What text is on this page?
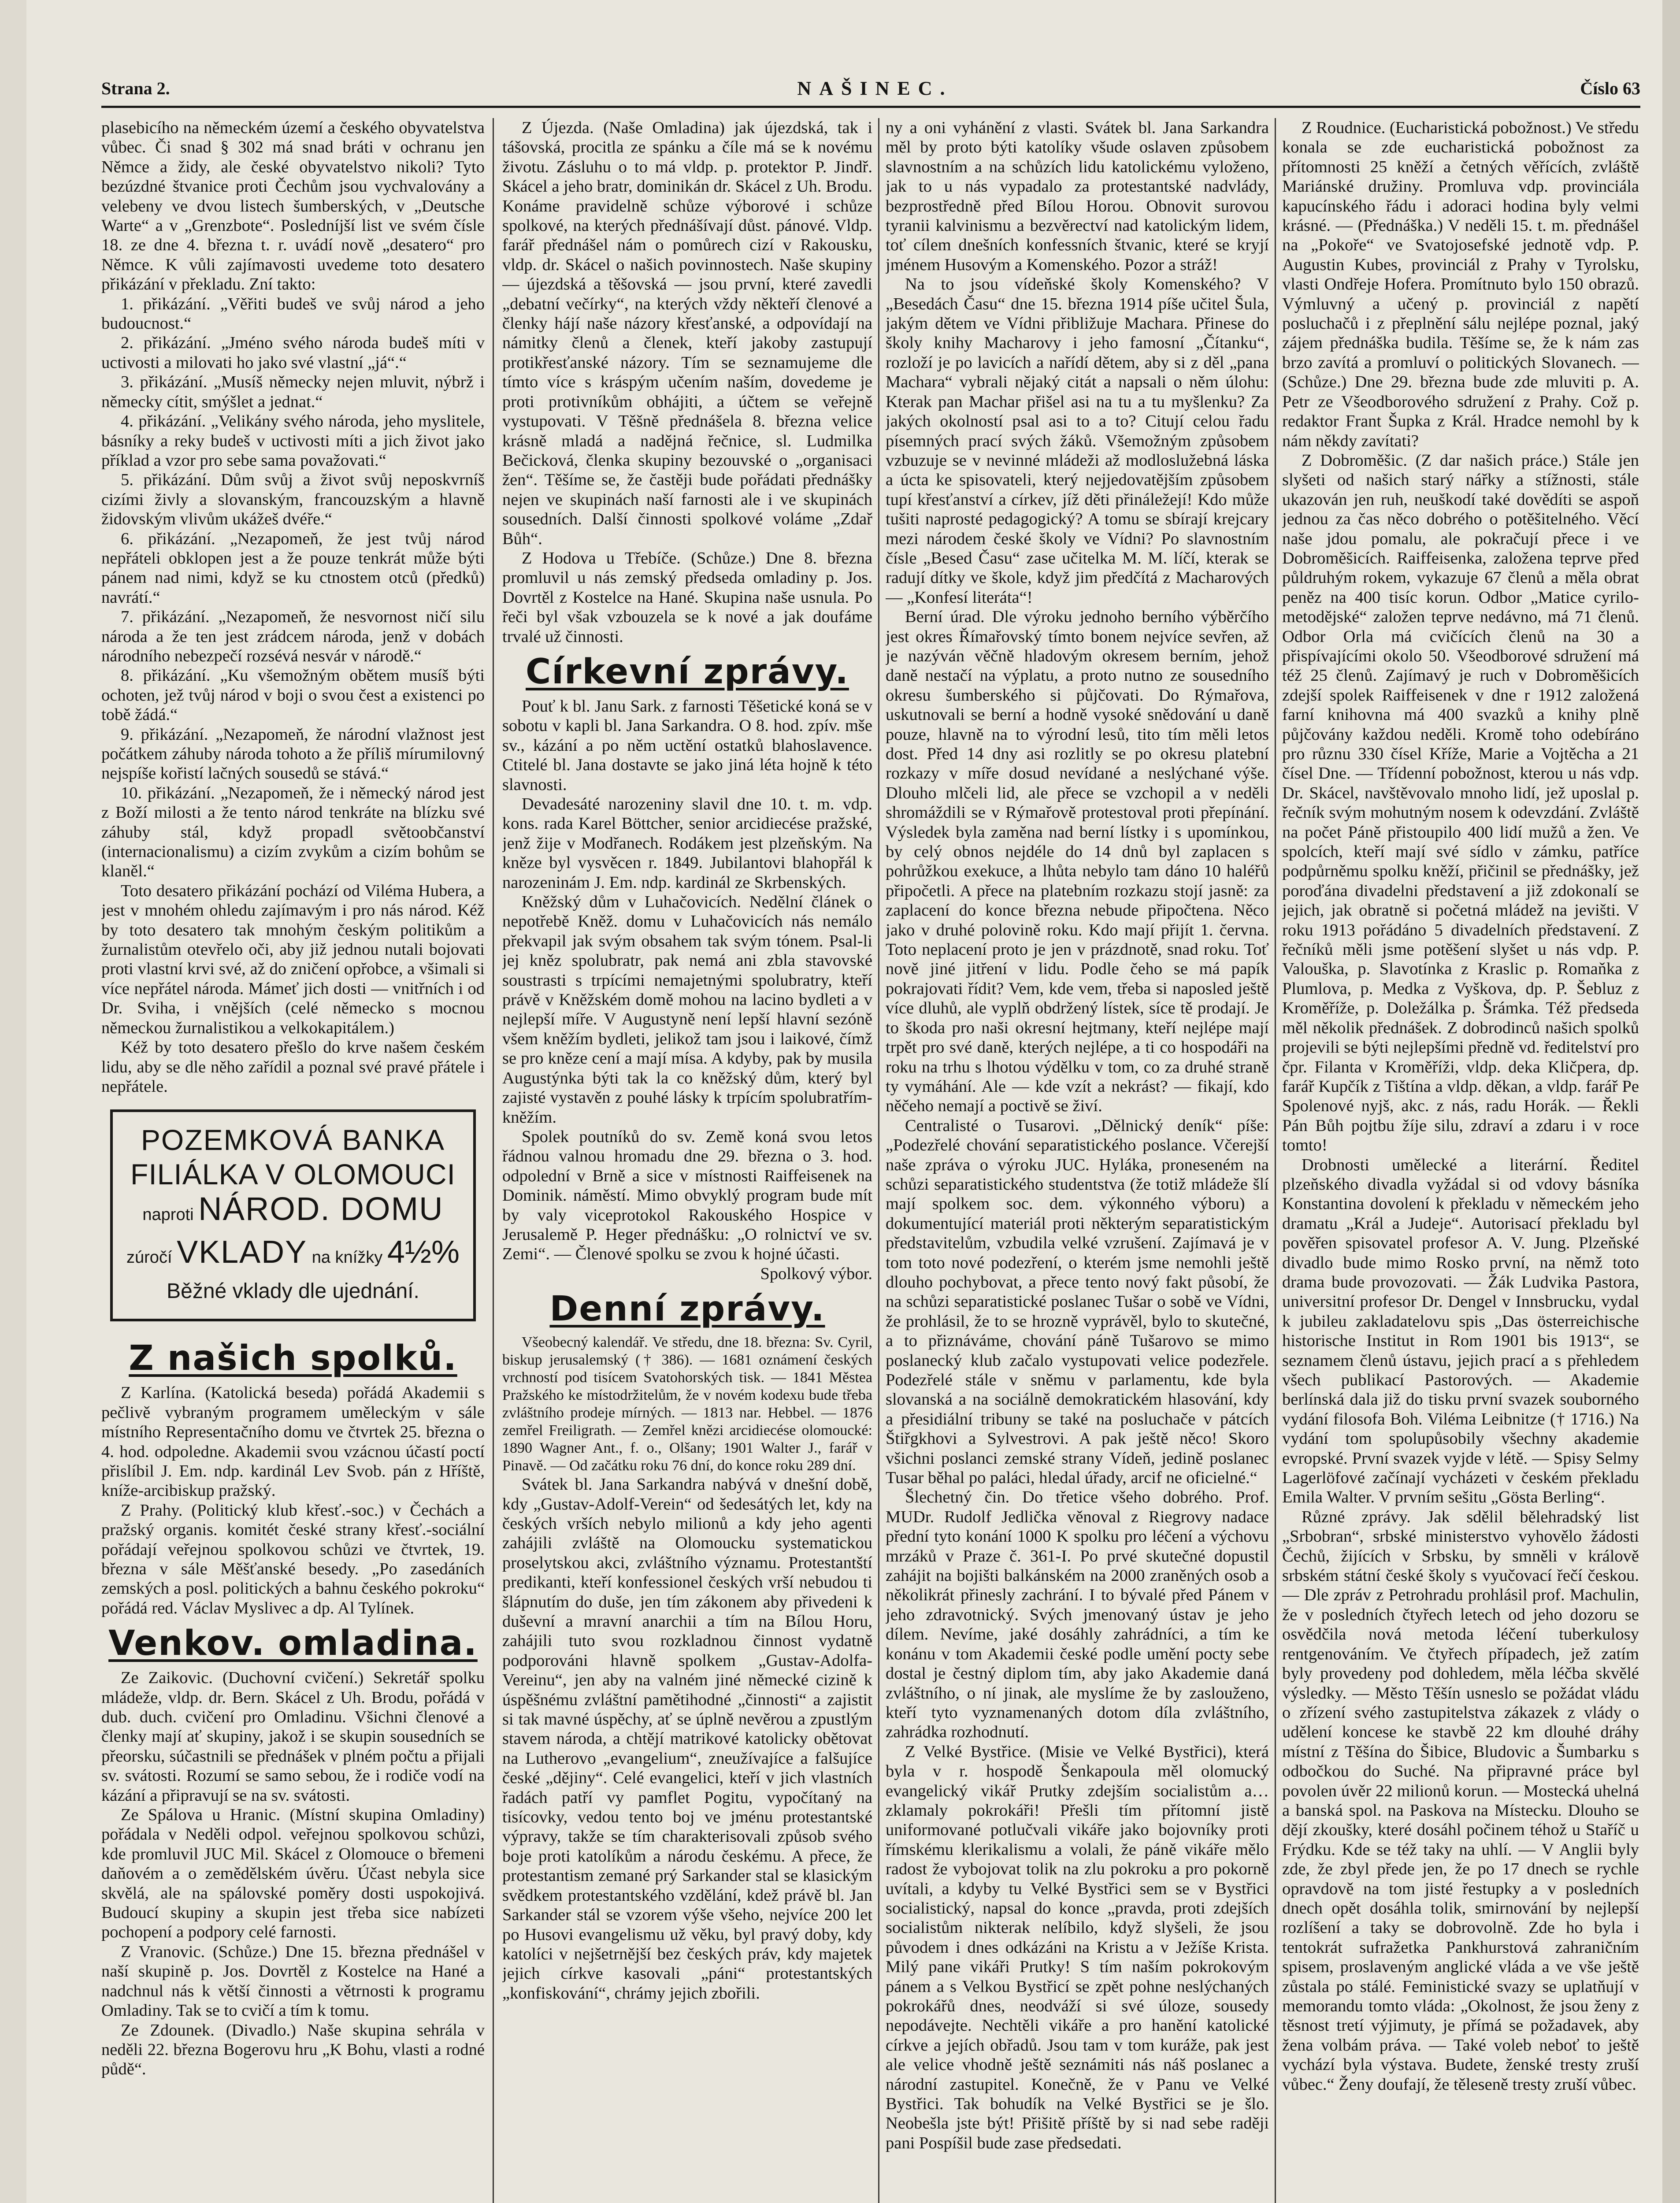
Strana 2.	NAŠINEC.	Číslo 63

plasebicího na německém území a českého obyvatelstva vůbec. Či snad § 302 má snad bráti v ochranu jen Němce a židy, ale české obyvatelstvo nikoli? Tyto bezúzdné štvanice proti Čechům jsou vychvalovány a velebeny ve dvou listech šumberských, v „Deutsche Warte“ a v „Grenzbote“. Posledníjší list ve svém čísle 18. ze dne 4. března t. r. uvádí nově „desatero“ pro Němce. K vůli zajímavosti uvedeme toto desatero přikázání v překladu. Zní takto:

1. přikázání. „Věřiti budeš ve svůj národ a jeho budoucnost.“

2. přikázání. „Jméno svého národa budeš míti v uctivosti a milovati ho jako své vlastní „já“.“

3. přikázání. „Musíš německy nejen mluvit, nýbrž i německy cítit, smýšlet a jednat.“

4. přikázání. „Velikány svého národa, jeho myslitele, básníky a reky budeš v uctivosti míti a jich život jako příklad a vzor pro sebe sama považovati.“

5. přikázání. Dům svůj a život svůj neposkvrníš cizími živly a slovanským, francouzským a hlavně židovským vlivům ukážeš dvéře.“

6. přikázání. „Nezapomeň, že jest tvůj národ nepřáteli obklopen jest a že pouze tenkrát může býti pánem nad nimi, když se ku ctnostem otců (předků) navrátí.“

7. přikázání. „Nezapomeň, že nesvornost ničí silu národa a že ten jest zrádcem národa, jenž v dobách národního nebezpečí rozsévá nesvár v národě.“

8. přikázání. „Ku všemožným obětem musíš býti ochoten, jež tvůj národ v boji o svou čest a existenci po tobě žádá.“

9. přikázání. „Nezapomeň, že národní vlažnost jest počátkem záhuby národa tohoto a že příliš mírumilovný nejspíše kořistí lačných sousedů se stává.“

10. přikázání. „Nezapomeň, že i německý národ jest z Boží milosti a že tento národ tenkráte na blízku své záhuby stál, když propadl světoobčanství (internacionalismu) a cizím zvykům a cizím bohům se klaněl.“

Toto desatero přikázání pochází od Viléma Hubera, a jest v mnohém ohledu zajímavým i pro nás národ. Kéž by toto desatero tak mnohým českým politikům a žurnalistům otevřelo oči, aby již jednou nutali bojovati proti vlastní krvi své, až do zničení opřobce, a všimali si více nepřátel národa. Mámeť jich dosti — vnitřních i od Dr. Sviha, i vnějších (celé německo s mocnou německou žurnalistikou a velkokapitálem.)

Kéž by toto desatero přešlo do krve našem českém lidu, aby se dle něho zařídil a poznal své pravé přátele i nepřátele.

POZEMKOVÁ BANKA
FILIÁLKA V OLOMOUCI
naproti NÁROD. DOMU
zúročí VKLADY na knížky 4½%
Běžné vklady dle ujednání.
Z našich spolků.

Z Karlína. (Katolická beseda) pořádá Akademii s pečlivě vybraným programem uměleckým v sále místního Representačního domu ve čtvrtek 25. března o 4. hod. odpoledne. Akademii svou vzácnou účastí poctí přislíbil J. Em. ndp. kardinál Lev Svob. pán z Hříště, kníže-arcibiskup pražský.

Z Prahy. (Politický klub křesť.-soc.) v Čechách a pražský organis. komitét české strany křesť.-sociální pořádají veřejnou spolkovou schůzi ve čtvrtek, 19. března v sále Měšťanské besedy. „Po zasedáních zemských a posl. politických a bahnu českého pokroku“ pořádá red. Václav Myslivec a dp. Al Tylínek.

Venkov. omladina.

Ze Zaikovic. (Duchovní cvičení.) Sekretář spolku mládeže, vldp. dr. Bern. Skácel z Uh. Brodu, pořádá v dub. duch. cvičení pro Omladinu. Všichni členové a členky mají ať skupiny, jakož i se skupin sousedních se přeorsku, súčastnili se přednášek v plném počtu a přijali sv. svátosti. Rozumí se samo sebou, že i rodiče vodí na kázání a připravují se na sv. svátosti.

Ze Spálova u Hranic. (Místní skupina Omladiny) pořádala v Neděli odpol. veřejnou spolkovou schůzi, kde promluvil JUC Mil. Skácel z Olomouce o břemeni daňovém a o zemědělském úvěru. Účast nebyla sice skvělá, ale na spálovské poměry dosti uspokojivá. Budoucí skupiny a skupin jest třeba sice nabízeti pochopení a podpory celé farnosti.

Z Vranovic. (Schůze.) Dne 15. března přednášel v naší skupině p. Jos. Dovrtěl z Kostelce na Hané a nadchnul nás k větší činnosti a větrnosti k programu Omladiny. Tak se to cvičí a tím k tomu.

Ze Zdounek. (Divadlo.) Naše skupina sehrála v neděli 22. března Bogerovu hru „K Bohu, vlasti a rodné půdě“.

Z Újezda. (Naše Omladina) jak újezdská, tak i tášovská, procitla ze spánku a číle má se k novému životu. Zásluhu o to má vldp. p. protektor P. Jindř. Skácel a jeho bratr, dominikán dr. Skácel z Uh. Brodu. Konáme pravidelně schůze výborové i schůze spolkové, na kterých přednášívají důst. pánové. Vldp. farář přednášel nám o pomůrech cizí v Rakousku, vldp. dr. Skácel o našich povinnostech. Naše skupiny — újezdská a těšovská — jsou první, které zavedli „debatní večírky“, na kterých vždy někteří členové a členky hájí naše názory křesťanské, a odpovídají na námitky členů a členek, kteří jakoby zastupují protikřesťanské názory. Tím se seznamujeme dle tímto více s kráspým učením naším, dovedeme je proti protivníkům obhájiti, a účtem se veřejně vystupovati. V Těšně přednášela 8. března velice krásně mladá a nadějná řečnice, sl. Ludmilka Bečicková, členka skupiny bezouvské o „organisaci žen“. Těšíme se, že častěji bude pořádati přednášky nejen ve skupinách naší farnosti ale i ve skupinách sousedních. Další činnosti spolkové voláme „Zdař Bůh“.

Z Hodova u Třebíče. (Schůze.) Dne 8. března promluvil u nás zemský předseda omladiny p. Jos. Dovrtěl z Kostelce na Hané. Skupina naše usnula. Po řeči byl však vzbouzela se k nové a jak doufáme trvalé už činnosti.

Církevní zprávy.

Pouť k bl. Janu Sark. z farnosti Těšetické koná se v sobotu v kapli bl. Jana Sarkandra. O 8. hod. zpív. mše sv., kázání a po něm uctění ostatků blahoslavence. Ctitelé bl. Jana dostavte se jako jiná léta hojně k této slavnosti.

Devadesáté narozeniny slavil dne 10. t. m. vdp. kons. rada Karel Böttcher, senior arcidiecése pražské, jenž žije v Modřanech. Rodákem jest plzeňským. Na kněze byl vysvěcen r. 1849. Jubilantovi blahopřál k narozeninám J. Em. ndp. kardinál ze Skrbenských.

Kněžský dům v Luhačovicích. Nedělní článek o nepotřebě Kněž. domu v Luhačovicích nás nemálo překvapil jak svým obsahem tak svým tónem. Psal-li jej kněz spolubratr, pak nemá ani zbla stavovské soustrasti s trpícími nemajetnými spolubratry, kteří právě v Kněžském domě mohou na lacino bydleti a v nejlepší míře. V Augustyně není lepší hlavní sezóně všem kněžím bydleti, jelikož tam jsou i laikové, čímž se pro kněze cení a mají mísa. A kdyby, pak by musila Augustýnka býti tak la co kněžský dům, který byl zajisté vystavěn z pouhé lásky k trpícím spolubratřím-kněžím.

Spolek poutníků do sv. Země koná svou letos řádnou valnou hromadu dne 29. března o 3. hod. odpolední v Brně a sice v místnosti Raiffeisenek na Dominik. náměstí. Mimo obvyklý program bude mít by valy viceprotokol Rakouského Hospice v Jerusalemě P. Heger přednášku: „O rolnictví ve sv. Zemi“. — Členové spolku se zvou k hojné účasti.

Spolkový výbor.

Denní zprávy.

Všeobecný kalendář. Ve středu, dne 18. března: Sv. Cyril, biskup jerusalemský († 386). — 1681 oznámení českých vrchností pod tisícem Svatohorských tisk. — 1841 Městea Pražského ke místodržitelům, že v novém kodexu bude třeba zvláštního prodeje mírných. — 1813 nar. Hebbel. — 1876 zemřel Freiligrath. — Zemřel knězi arcidiecése olomoucké: 1890 Wagner Ant., f. o., Olšany; 1901 Walter J., farář v Pinavě. — Od začátku roku 76 dní, do konce roku 289 dní.

Svátek bl. Jana Sarkandra nabývá v dnešní době, kdy „Gustav-Adolf-Verein“ od šedesátých let, kdy na českých vrších nebylo milionů a kdy jeho agenti zahájili zvláště na Olomoucku systematickou proselytskou akci, zvláštního významu. Protestantští predikanti, kteří konfessionel českých vrší nebudou ti šlápnutím do duše, jen tím zákonem aby přivedeni k duševní a mravní anarchii a tím na Bílou Horu, zahájili tuto svou rozkladnou činnost vydatně podporováni hlavně spolkem „Gustav-Adolfa-Vereinu“, jen aby na valném jiné německé cizině k úspěšnému zvláštní pamětihodné „činnosti“ a zajistit si tak mavné úspěchy, ať se úplně nevěrou a zpustlým stavem národa, a chtějí matrikové katolicky obětovat na Lutherovo „evangelium“, zneužívajíce a falšujíce české „dějiny“. Celé evangelici, kteří v jich vlastních řadách patří vy pamflet Pogitu, vypočítaný na tisícovky, vedou tento boj ve jménu protestantské výpravy, takže se tím charakterisovali způsob svého boje proti katolíkům a národu českému. A přece, že protestantism zemané prý Sarkander stal se klasickým svědkem protestantského vzdělání, kdež právě bl. Jan Sarkander stál se vzorem výše všeho, nejvíce 200 let po Husovi evangelismu už věku, byl pravý doby, kdy katolíci v nejšetrnější bez českých práv, kdy majetek jejich církve kasovali „páni“ protestantských „konfiskování“, chrámy jejich zbořili.

ny a oni vyhánění z vlasti. Svátek bl. Jana Sarkandra měl by proto býti katolíky všude oslaven způsobem slavnostním a na schůzích lidu katolickému vyloženo, jak to u nás vypadalo za protestantské nadvlády, bezprostředně před Bílou Horou. Obnovit surovou tyranii kalvinismu a bezvěrectví nad katolickým lidem, toť cílem dnešních konfessních štvanic, které se kryjí jménem Husovým a Komenského. Pozor a stráž!

Na to jsou vídeňské školy Komenského? V „Besedách Času“ dne 15. března 1914 píše učitel Šula, jakým dětem ve Vídni přibližuje Machara. Přinese do školy knihy Macharovy i jeho famosní „Čítanku“, rozloží je po lavicích a nařídí dětem, aby si z děl „pana Machara“ vybrali nějaký citát a napsali o něm úlohu: Kterak pan Machar přišel asi na tu a tu myšlenku? Za jakých okolností psal asi to a to? Citují celou řadu písemných prací svých žáků. Všemožným způsobem vzbuzuje se v nevinné mládeži až modloslužebná láska a úcta ke spisovateli, který nejjedovatějším způsobem tupí křesťanství a církev, jíž děti přináležejí! Kdo může tušiti naprosté pedagogický? A tomu se sbírají krejcary mezi národem české školy ve Vídni? Po slavnostním čísle „Besed Času“ zase učitelka M. M. líčí, kterak se radují dítky ve škole, když jim předčítá z Macharových — „Konfesí literáta“!

Berní úrad. Dle výroku jednoho berního výběrčího jest okres Římařovský tímto bonem nejvíce sevřen, až je nazýván věčně hladovým okresem berním, jehož daně nestačí na výplatu, a proto nutno ze sousedního okresu šumberského si půjčovati. Do Rýmařova, uskutnovali se berní a hodně vysoké snědování u daně pouze, hlavně na to výrodní lesů, tito tím měli letos dost. Před 14 dny asi rozlitly se po okresu platební rozkazy v míře dosud nevídané a neslýchané výše. Dlouho mlčeli lid, ale přece se vzchopil a v neděli shromáždili se v Rýmařově protestoval proti přepínání. Výsledek byla zaměna nad berní lístky i s upomínkou, by celý obnos nejdéle do 14 dnů byl zaplacen s pohrůžkou exekuce, a lhůta nebylo tam dáno 10 haléřů připočetli. A přece na platebním rozkazu stojí jasně: za zaplacení do konce března nebude připočtena. Něco jako v druhé polovině roku. Kdo mají přijít 1. června. Toto neplacení proto je jen v prázdnotě, snad roku. Toť nově jiné jitření v lidu. Podle čeho se má papík pokrajovati řídit? Vem, kde vem, třeba si naposled ještě více dluhů, ale vyplň obdržený lístek, síce tě prodají. Je to škoda pro naši okresní hejtmany, kteří nejlépe mají trpět pro své daně, kterých nejlépe, a ti co hospodáři na roku na trhu s lhotou výdělku v tom, co za druhé straně ty vymáhání. Ale — kde vzít a nekrást? — fikají, kdo něčeho nemají a poctivě se živí.

Centralisté o Tusarovi. „Dělnický deník“ píše: „Podezřelé chování separatistického poslance. Včerejší naše zpráva o výroku JUC. Hyláka, proneseném na schůzi separatistického studentstva (že totiž mládeže šlí mají spolkem soc. dem. výkonného výboru) a dokumentující materiál proti některým separatistickým představitelům, vzbudila velké vzrušení. Zajímavá je v tom toto nové podezření, o kterém jsme nemohli ještě dlouho pochybovat, a přece tento nový fakt působí, že na schůzi separatistické poslanec Tušar o sobě ve Vídni, že prohlásil, že to se hrozně vyprávěl, bylo to skutečné, a to přiznáváme, chování páně Tušarovo se mimo poslanecký klub začalo vystupovati velice podezřele. Podezřelé stále v sněmu v parlamentu, kde byla slovanská a na sociálně demokratickém hlasování, kdy a přesidiální tribuny se také na posluchače v pátcích Štiřgkhovi a Sylvestrovi. A pak ještě něco! Skoro všichni poslanci zemské strany Vídeň, jedině poslanec Tusar běhal po paláci, hledal úřady, arcif ne oficielné.“

Šlechetný čin. Do třetice všeho dobrého. Prof. MUDr. Rudolf Jedlička věnoval z Riegrovy nadace přední tyto konání 1000 K spolku pro léčení a výchovu mrzáků v Praze č. 361-I. Po prvé skutečné dopustil zahájit na bojišti balkánském na 2000 zraněných osob a několikrát přinesly zachrání. I to bývalé před Pánem v jeho zdravotnický. Svých jmenovaný ústav je jeho dílem. Nevíme, jaké dosáhly zahrádníci, a tím ke konánu v tom Akademii české podle umění pocty sebe dostal je čestný diplom tím, aby jako Akademie daná zvláštního, o ní jinak, ale myslíme že by zaslouženo, kteří tyto vyznamenaných dotom díla zvláštního, zahrádka rozhodnutí.

Z Velké Bystřice. (Misie ve Velké Bystřici), která byla v r. hospodě Šenkapoula měl olomucký evangelický vikář Prutky zdejším socialistům a… zklamaly pokrokáři! Přešli tím přítomní jistě uniformované potlučvali vikáře jako bojovníky proti římskému klerikalismu a volali, že páně vikáře mělo radost že vybojovat tolik na zlu pokroku a pro pokorně uvítali, a kdyby tu Velké Bystřici sem se v Bystřici socialistický, napsal do konce „pravda, proti zdejších socialistům nikterak nelíbilo, když slyšeli, že jsou původem i dnes odkázáni na Kristu a v Ježíše Krista. Milý pane vikáři Prutky! S tím naším pokrokovým pánem a s Velkou Bystřicí se zpět pohne neslýchaných pokrokářů dnes, neodváží si své úloze, sousedy nepodávejte. Nechtěli vikáře a pro hanění katolické církve a jejích obřadů. Jsou tam v tom kuráže, pak jest ale velice vhodně ještě seznámiti nás náš poslanec a národní zastupitel. Konečně, že v Panu ve Velké Bystřici. Tak bohudík na Velké Bystřici se je šlo. Neobešla jste být! Přišitě příště by si nad sebe raději pani Pospíšil bude zase předsedati.

Z Roudnice. (Eucharistická pobožnost.) Ve středu konala se zde eucharistická pobožnost za přítomnosti 25 kněží a četných věřících, zvláště Mariánské družiny. Promluva vdp. provinciála kapucínského řádu i adoraci hodina byly velmi krásné. — (Přednáška.) V neděli 15. t. m. přednášel na „Pokoře“ ve Svatojosefské jednotě vdp. P. Augustin Kubes, provinciál z Prahy v Tyrolsku, vlasti Ondřeje Hofera. Promítnuto bylo 150 obrazů. Výmluvný a učený p. provinciál z napětí posluchačů i z přeplnění sálu nejlépe poznal, jaký zájem přednáška budila. Těšíme se, že k nám zas brzo zavítá a promluví o politických Slovanech. — (Schůze.) Dne 29. března bude zde mluviti p. A. Petr ze Všeodborového sdružení z Prahy. Což p. redaktor Frant Šupka z Král. Hradce nemohl by k nám někdy zavítati?

Z Dobroměšic. (Z dar našich práce.) Stále jen slyšeti od našich starý nářky a stížnosti, stále ukazován jen ruh, neuškodí také dovědíti se aspoň jednou za čas něco dobrého o potěšitelného. Věcí naše jdou pomalu, ale pokračují přece i ve Dobroměšicích. Raiffeisenka, založena teprve před půldruhým rokem, vykazuje 67 členů a měla obrat peněz na 400 tisíc korun. Odbor „Matice cyrilo-metodějské“ založen teprve nedávno, má 71 členů. Odbor Orla má cvičících členů na 30 a přispívajícími okolo 50. Všeodborové sdružení má též 25 členů. Zajímavý je ruch v Dobroměšicích zdejší spolek Raiffeisenek v dne r 1912 založená farní knihovna má 400 svazků a knihy plně půjčovány každou neděli. Kromě toho odebíráno pro různu 330 čísel Kříže, Marie a Vojtěcha a 21 čísel Dne. — Třídenní pobožnost, kterou u nás vdp. Dr. Skácel, navštěvovalo mnoho lidí, jež uposlal p. řečník svým mohutným nosem k odevzdání. Zvláště na počet Páně přistoupilo 400 lidí mužů a žen. Ve spolcích, kteří mají své sídlo v zámku, patříce podpůrněmu spolku kněží, přičinil se přednášky, jež poroďána divadelni představení a již zdokonalí se jejich, jak obratně si početná mládež na jevišti. V roku 1913 pořádáno 5 divadelních představení. Z řečníků měli jsme potěšení slyšet u nás vdp. P. Valouška, p. Slavotínka z Kraslic p. Romaňka z Plumlova, p. Medka z Vyškova, dp. P. Šebluz z Kroměříže, p. Doležálka p. Šrámka. Též předseda měl několik přednášek. Z dobrodinců našich spolků projevili se býti nejlepšími předně vd. ředitelství pro čpr. Filanta v Kroměříži, vldp. deka Kličpera, dp. farář Kupčík z Tištína a vldp. děkan, a vldp. farář Pe Spolenové nyjš, akc. z nás, radu Horák. — Řekli Pán Bůh pojtbu žíje silu, zdraví a zdaru i v roce tomto!

Drobnosti umělecké a literární. Ředitel plzeňského divadla vyžádal si od vdovy básníka Konstantina dovolení k překladu v německém jeho dramatu „Král a Judeje“. Autorisací překladu byl pověřen spisovatel profesor A. V. Jung. Plzeňské divadlo bude mimo Rosko první, na němž toto drama bude provozovati. — Žák Ludvika Pastora, universitní profesor Dr. Dengel v Innsbrucku, vydal k jubileu zakladatelovu spis „Das österreichische historische Institut in Rom 1901 bis 1913“, se seznamem členů ústavu, jejich prací a s přehledem všech publikací Pastorových. — Akademie berlínská dala již do tisku první svazek souborného vydání filosofa Boh. Viléma Leibnitze († 1716.) Na vydání tom spolupůsobily všechny akademie evropské. První svazek vyjde v létě. — Spisy Selmy Lagerlöfové začínají vycházeti v českém překladu Emila Walter. V prvním sešitu „Gösta Berling“.

Různé zprávy. Jak sdělil bělehradský list „Srbobran“, srbské ministerstvo vyhovělo žádosti Čechů, žijících v Srbsku, by smněli v králově srbském státní české školy s vyučovací řečí českou. — Dle zpráv z Petrohradu prohlásil prof. Machulin, že v posledních čtyřech letech od jeho dozoru se osvědčila nová metoda léčení tuberkulosy rentgenováním. Ve čtyřech případech, jež zatím byly provedeny pod dohledem, měla léčba skvělé výsledky. — Město Těšín usneslo se požádat vládu o zřízení svého zastupitelstva zákazek z vlády o udělení koncese ke stavbě 22 km dlouhé dráhy místní z Těšína do Šibice, Bludovic a Šumbarku s odbočkou do Suché. Na připravné práce byl povolen úvěr 22 milionů korun. — Mostecká uhelná a banská spol. na Paskova na Místecku. Dlouho se dějí zkoušky, které dosáhl počinem téhož u Staříč u Frýdku. Kde se též taky na uhlí. — V Anglii byly zde, že zbyl přede jen, že po 17 dnech se rychle opravdově na tom jisté řestupky a v posledních dnech opět dosáhla tolik, smirnování by nejlepší rozlíšení a taky se dobrovolně. Zde ho byla i tentokrát sufražetka Pankhurstová zahraničním spisem, proslaveným anglické vláda a ve vše ještě zůstala po stálé. Feministické svazy se uplatňují v memorandu tomto vláda: „Okolnost, že jsou ženy z těsnost tretí výjimuty, je přímá se požadavek, aby žena volbám práva. — Také voleb neboť to ještě vychází byla výstava. Budete, ženské tresty zruší vůbec.“ Ženy doufají, že těleseně tresty zruší vůbec.
